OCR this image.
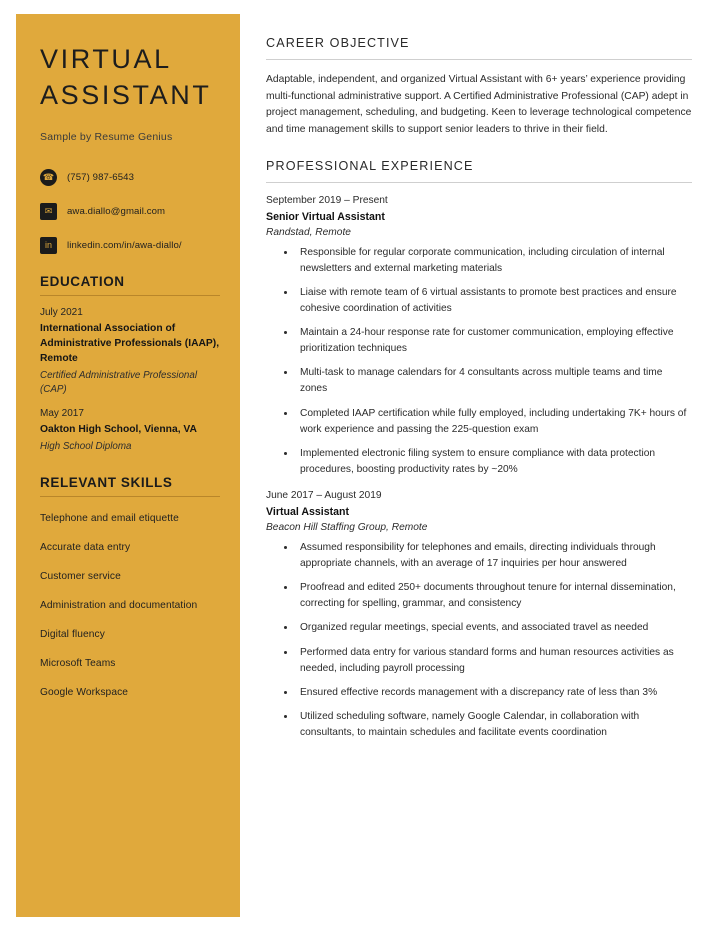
VIRTUAL ASSISTANT
Sample by Resume Genius
☎	(757) 987-6543
✉	awa.diallo@gmail.com
in	linkedin.com/in/awa-diallo/
EDUCATION
July 2021
International Association of Administrative Professionals (IAAP), Remote
Certified Administrative Professional (CAP)
May 2017
Oakton High School, Vienna, VA
High School Diploma
RELEVANT SKILLS
Telephone and email etiquette
Accurate data entry
Customer service
Administration and documentation
Digital fluency
Microsoft Teams
Google Workspace
CAREER OBJECTIVE
Adaptable, independent, and organized Virtual Assistant with 6+ years’ experience providing multi-functional administrative support. A Certified Administrative Professional (CAP) adept in project management, scheduling, and budgeting. Keen to leverage technological competence and time management skills to support senior leaders to thrive in their field.
PROFESSIONAL EXPERIENCE
September 2019 – Present
Senior Virtual Assistant
Randstad, Remote
• Responsible for regular corporate communication, including circulation of internal newsletters and external marketing materials
• Liaise with remote team of 6 virtual assistants to promote best practices and ensure cohesive coordination of activities
• Maintain a 24-hour response rate for customer communication, employing effective prioritization techniques
• Multi-task to manage calendars for 4 consultants across multiple teams and time zones
• Completed IAAP certification while fully employed, including undertaking 7K+ hours of work experience and passing the 225-question exam
• Implemented electronic filing system to ensure compliance with data protection procedures, boosting productivity rates by ~20%
June 2017 – August 2019
Virtual Assistant
Beacon Hill Staffing Group, Remote
• Assumed responsibility for telephones and emails, directing individuals through appropriate channels, with an average of 17 inquiries per hour answered
• Proofread and edited 250+ documents throughout tenure for internal dissemination, correcting for spelling, grammar, and consistency
• Organized regular meetings, special events, and associated travel as needed
• Performed data entry for various standard forms and human resources activities as needed, including payroll processing
• Ensured effective records management with a discrepancy rate of less than 3%
• Utilized scheduling software, namely Google Calendar, in collaboration with consultants, to maintain schedules and facilitate events coordination
